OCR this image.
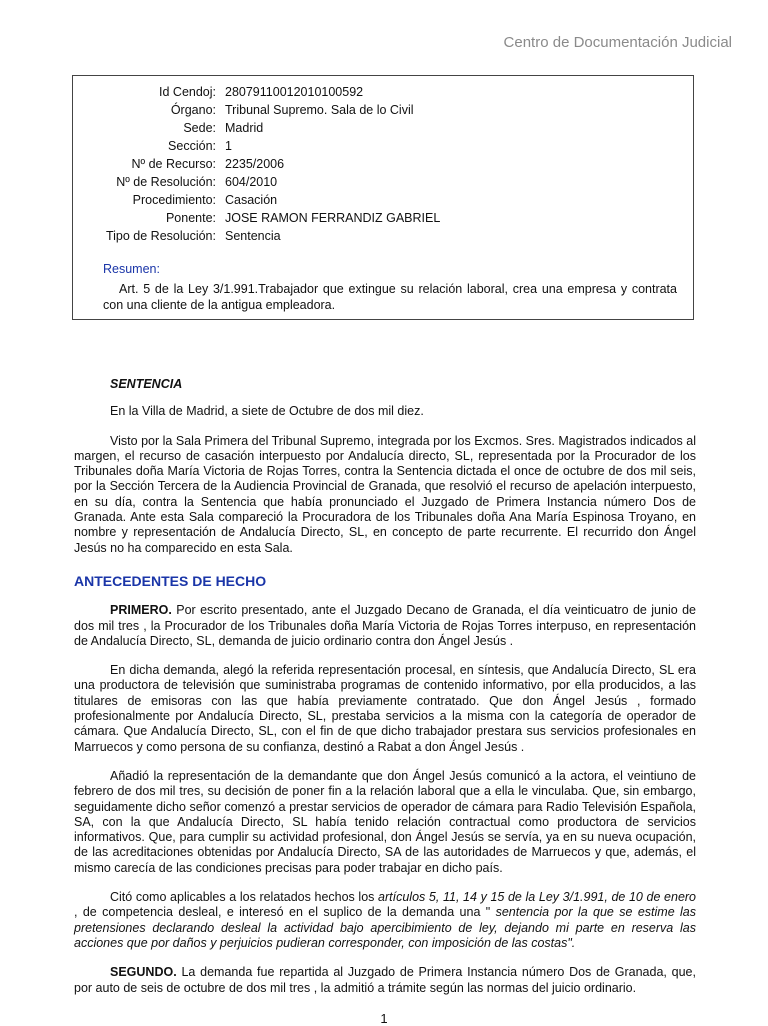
Centro de Documentación Judicial
Id Cendoj: 28079110012010100592
Órgano: Tribunal Supremo. Sala de lo Civil
Sede: Madrid
Sección: 1
Nº de Recurso: 2235/2006
Nº de Resolución: 604/2010
Procedimiento: Casación
Ponente: JOSE RAMON FERRANDIZ GABRIEL
Tipo de Resolución: Sentencia
Resumen:
Art. 5 de la Ley 3/1.991.Trabajador que extingue su relación laboral, crea una empresa y contrata con una cliente de la antigua empleadora.

SENTENCIA

En la Villa de Madrid, a siete de Octubre de dos mil diez.

Visto por la Sala Primera del Tribunal Supremo, integrada por los Excmos. Sres. Magistrados indicados al margen, el recurso de casación interpuesto por Andalucía directo, SL, representada por la Procurador de los Tribunales doña María Victoria de Rojas Torres, contra la Sentencia dictada el once de octubre de dos mil seis, por la Sección Tercera de la Audiencia Provincial de Granada, que resolvió el recurso de apelación interpuesto, en su día, contra la Sentencia que había pronunciado el Juzgado de Primera Instancia número Dos de Granada. Ante esta Sala compareció la Procuradora de los Tribunales doña Ana María Espinosa Troyano, en nombre y representación de Andalucía Directo, SL, en concepto de parte recurrente. El recurrido don Ángel Jesús no ha comparecido en esta Sala.

ANTECEDENTES DE HECHO

PRIMERO. Por escrito presentado, ante el Juzgado Decano de Granada, el día veinticuatro de junio de dos mil tres , la Procurador de los Tribunales doña María Victoria de Rojas Torres interpuso, en representación de Andalucía Directo, SL, demanda de juicio ordinario contra don Ángel Jesús .

En dicha demanda, alegó la referida representación procesal, en síntesis, que Andalucía Directo, SL era una productora de televisión que suministraba programas de contenido informativo, por ella producidos, a las titulares de emisoras con las que había previamente contratado. Que don Ángel Jesús , formado profesionalmente por Andalucía Directo, SL, prestaba servicios a la misma con la categoría de operador de cámara. Que Andalucía Directo, SL, con el fin de que dicho trabajador prestara sus servicios profesionales en Marruecos y como persona de su confianza, destinó a Rabat a don Ángel Jesús .

Añadió la representación de la demandante que don Ángel Jesús comunicó a la actora, el veintiuno de febrero de dos mil tres, su decisión de poner fin a la relación laboral que a ella le vinculaba. Que, sin embargo, seguidamente dicho señor comenzó a prestar servicios de operador de cámara para Radio Televisión Española, SA, con la que Andalucía Directo, SL había tenido relación contractual como productora de servicios informativos. Que, para cumplir su actividad profesional, don Ángel Jesús se servía, ya en su nueva ocupación, de las acreditaciones obtenidas por Andalucía Directo, SA de las autoridades de Marruecos y que, además, el mismo carecía de las condiciones precisas para poder trabajar en dicho país.

Citó como aplicables a los relatados hechos los artículos 5, 11, 14 y 15 de la Ley 3/1.991, de 10 de enero , de competencia desleal, e interesó en el suplico de la demanda una " sentencia por la que se estime las pretensiones declarando desleal la actividad bajo apercibimiento de ley, dejando mi parte en reserva las acciones que por daños y perjuicios pudieran corresponder, con imposición de las costas".

SEGUNDO. La demanda fue repartida al Juzgado de Primera Instancia número Dos de Granada, que, por auto de seis de octubre de dos mil tres , la admitió a trámite según las normas del juicio ordinario.

1
